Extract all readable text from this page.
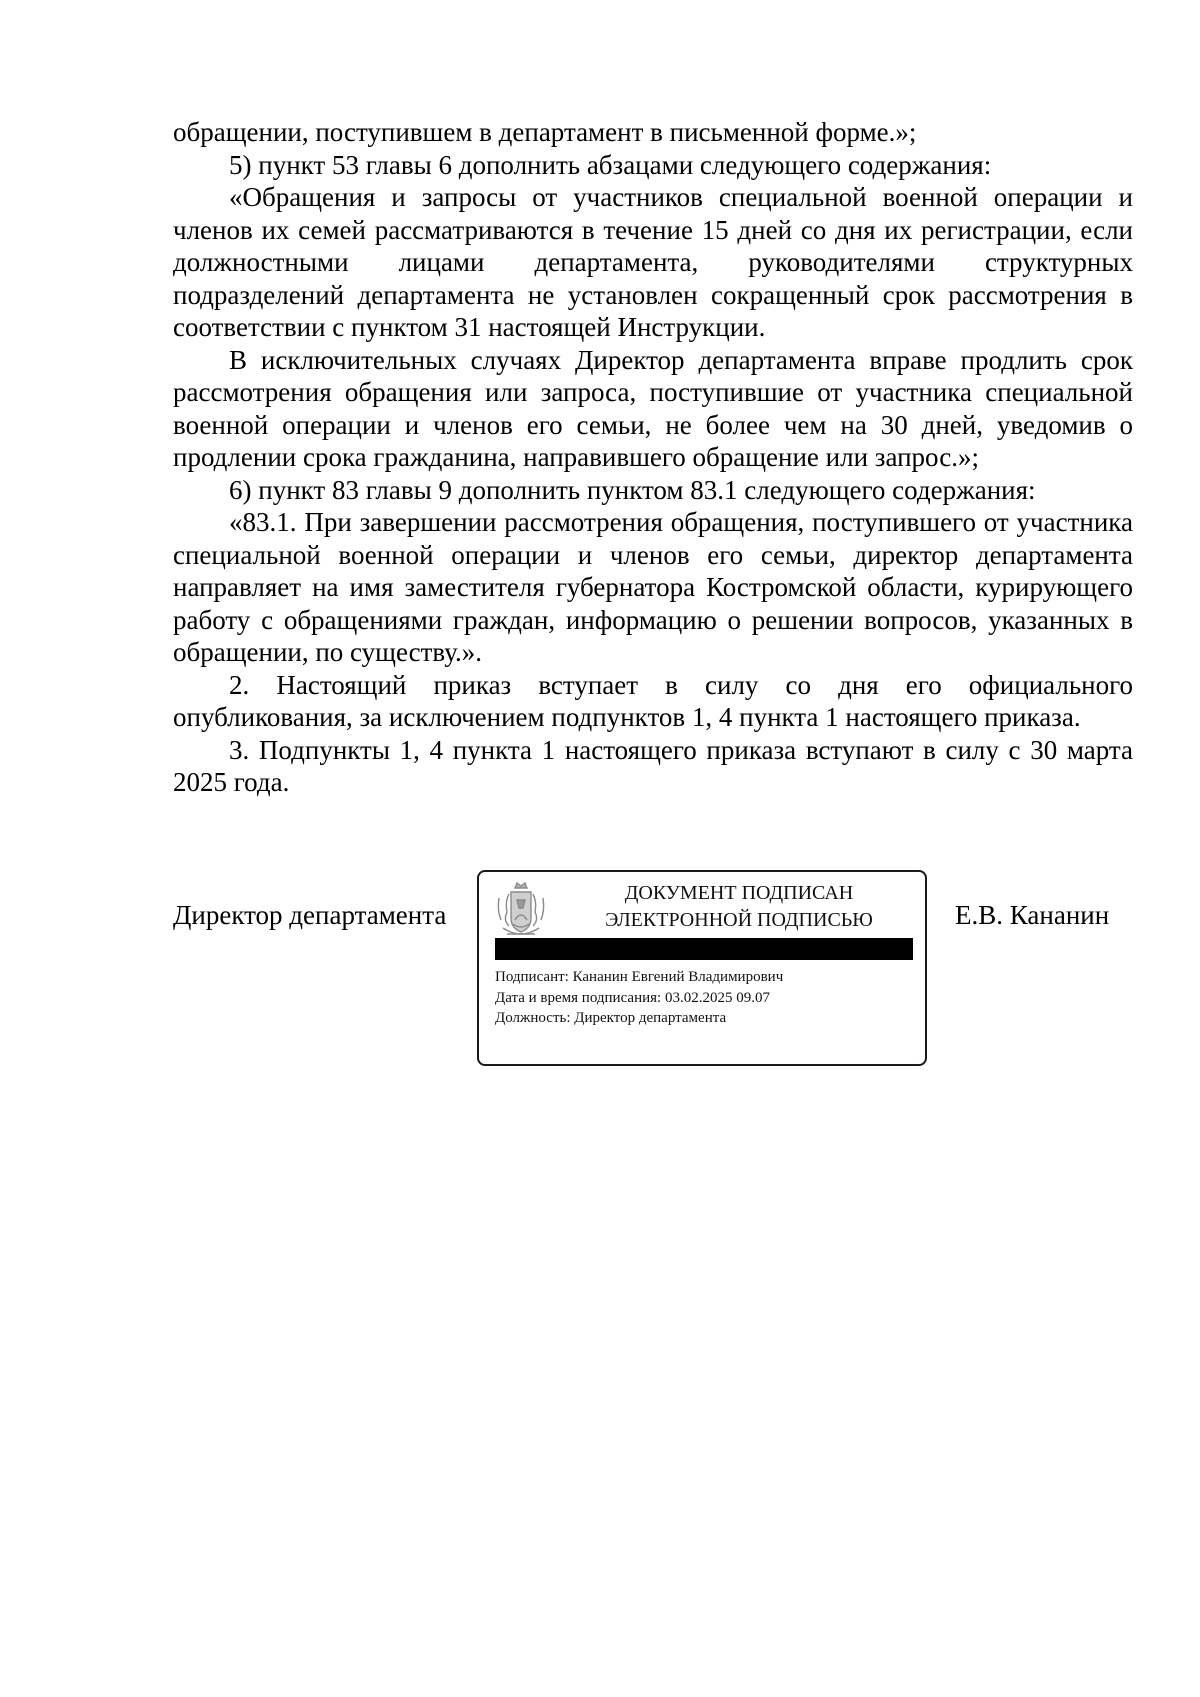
обращении, поступившем в департамент в письменной форме.»;

5) пункт 53 главы 6 дополнить абзацами следующего содержания:

«Обращения и запросы от участников специальной военной операции и членов их семей рассматриваются в течение 15 дней со дня их регистрации, если должностными лицами департамента, руководителями структурных подразделений департамента не установлен сокращенный срок рассмотрения в соответствии с пунктом 31 настоящей Инструкции.

В исключительных случаях Директор департамента вправе продлить срок рассмотрения обращения или запроса, поступившие от участника специальной военной операции и членов его семьи, не более чем на 30 дней, уведомив о продлении срока гражданина, направившего обращение или запрос.»;

6) пункт 83 главы 9 дополнить пунктом 83.1 следующего содержания:

«83.1. При завершении рассмотрения обращения, поступившего от участника специальной военной операции и членов его семьи, директор департамента направляет на имя заместителя губернатора Костромской области, курирующего работу с обращениями граждан, информацию о решении вопросов, указанных в обращении, по существу.».

2. Настоящий приказ вступает в силу со дня его официального опубликования, за исключением подпунктов 1, 4 пункта 1 настоящего приказа.

3. Подпункты 1, 4 пункта 1 настоящего приказа вступают в силу с 30 марта 2025 года.

Директор департамента
ДОКУМЕНТ ПОДПИСАН
ЭЛЕКТРОННОЙ ПОДПИСЬЮ
Подписант: Кананин Евгений Владимирович
Дата и время подписания: 03.02.2025 09.07
Должность: Директор департамента
Е.В. Кананин
